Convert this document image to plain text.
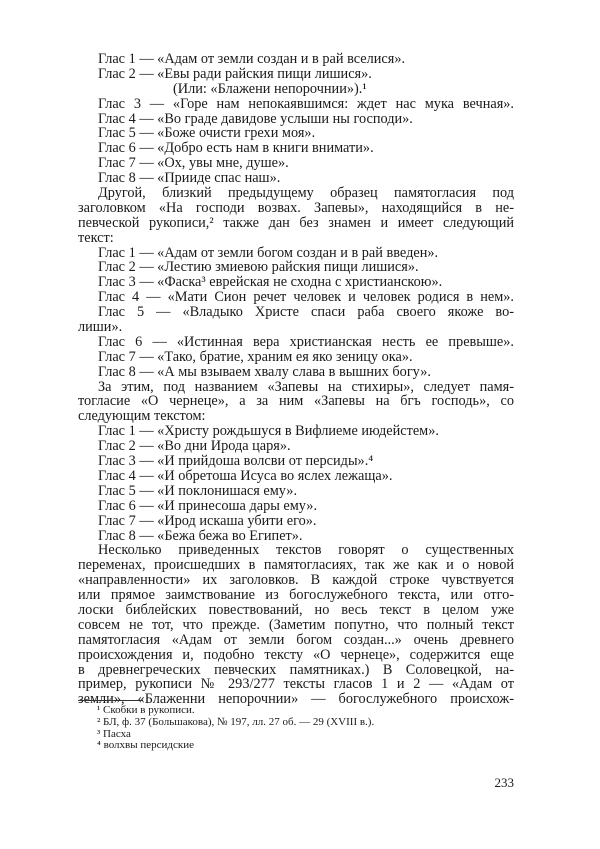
Глас 1 — «Адам от земли создан и в рай вселися».
Глас 2 — «Евы ради райския пищи лишися».
(Или: «Блажени непорочнии»).¹
Глас 3 — «Горе нам непокаявшимся: ждет нас мука вечная».
Глас 4 — «Во граде давидове услыши ны господи».
Глас 5 — «Боже очисти грехи моя».
Глас 6 — «Добро есть нам в книги внимати».
Глас 7 — «Ох, увы мне, душе».
Глас 8 — «Прииде спас наш».
Другой, близкий предыдущему образец памятогласия под
заголовком «На господи возвах. Запевы», находящийся в не-
певческой рукописи,² также дан без знамен и имеет следующий
текст:
Глас 1 — «Адам от земли богом создан и в рай введен».
Глас 2 — «Лестию змиевою райския пищи лишися».
Глас 3 — «Фаска³ еврейская не сходна с христианскою».
Глас 4 — «Мати Сион речет человек и человек родися в нем».
Глас 5 — «Владыко Христе спаси раба своего якоже во-
лиши».
Глас 6 — «Истинная вера христианская несть ее превыше».
Глас 7 — «Тако, братие, храним ея яко зеницу ока».
Глас 8 — «А мы взываем хвалу слава в вышних богу».
За этим, под названием «Запевы на стихиры», следует памя-
тогласие «О чернеце», а за ним «Запевы на бгъ господь», со
следующим текстом:
Глас 1 — «Христу рождьшуся в Вифлиеме июдейстем».
Глас 2 — «Во дни Ирода царя».
Глас 3 — «И прийдоша волсви от персиды».⁴
Глас 4 — «И обретоша Исуса во яслех лежаща».
Глас 5 — «И поклонишася ему».
Глас 6 — «И принесоша дары ему».
Глас 7 — «Ирод искаша убити его».
Глас 8 — «Бежа бежа во Египет».
Несколько приведенных текстов говорят о существенных
переменах, происшедших в памятогласиях, так же как и о новой
«направленности» их заголовков. В каждой строке чувствуется
или прямое заимствование из богослужебного текста, или отго-
лоски библейских повествований, но весь текст в целом уже
совсем не тот, что прежде. (Заметим попутно, что полный текст
памятогласия «Адам от земли богом создан...» очень древнего
происхождения и, подобно тексту «О чернеце», содержится еще
в древнегреческих певческих памятниках.) В Соловецкой, на-
пример, рукописи № 293/277 тексты гласов 1 и 2 — «Адам от
земли», «Блаженни непорочнии» — богослужебного происхож-
¹ Скобки в рукописи.
² БЛ, ф. 37 (Большакова), № 197, лл. 27 об. — 29 (XVIII в.).
³ Пасха
⁴ волхвы персидские
233
